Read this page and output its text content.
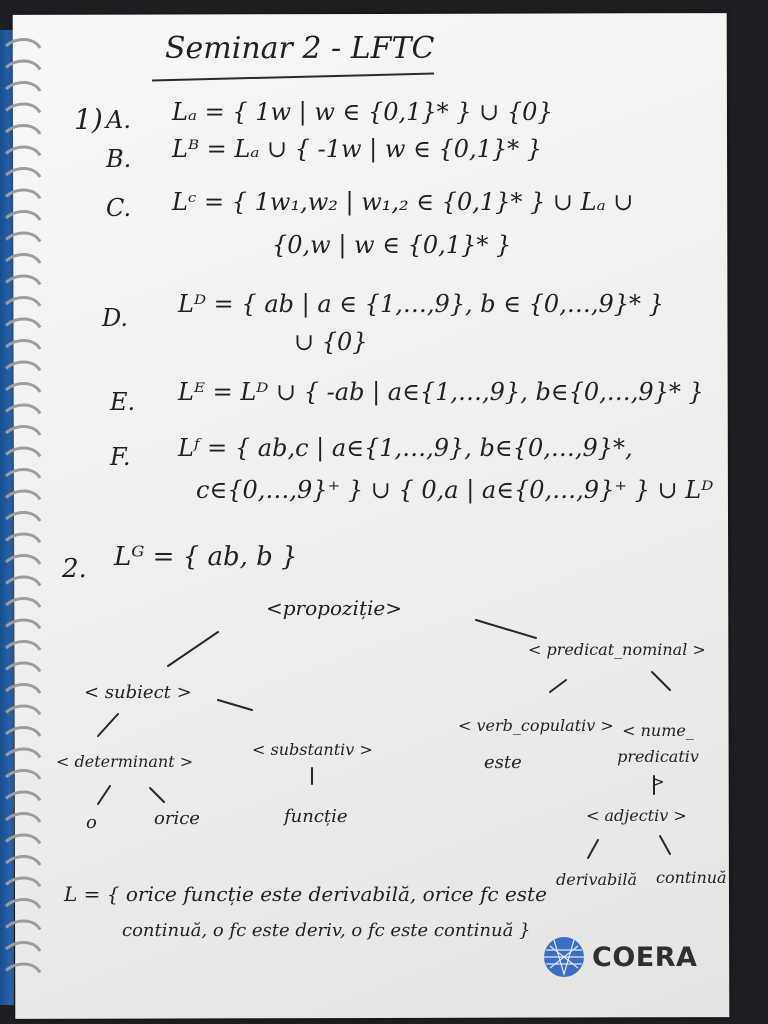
Seminar 2 - LFTC
1) A. Lₐ = { 1w | w ∈ {0,1}* } ∪ {0}
B. Lᴮ = Lₐ ∪ { -1w | w ∈ {0,1}* }
C. Lᶜ = { 1w₁,w₂ | w₁,₂ ∈ {0,1}* } ∪ Lₐ ∪
{0,w | w ∈ {0,1}* }
D. Lᴰ = { ab | a ∈ {1,…,9}, b ∈ {0,…,9}* }
∪ {0}
E. Lᴱ = Lᴰ ∪ { -ab | a∈{1,…,9}, b∈{0,…,9}* }
F. Lᶠ = { ab,c | a∈{1,…,9}, b∈{0,…,9}*,
c∈{0,…,9}⁺ } ∪ { 0,a | a∈{0,…,9}⁺ } ∪ Lᴰ
2. Lᴳ = { ab, b }
<propoziție>
< predicat_nominal >
< subiect >
< determinant >
< substantiv >
< verb_copulativ > < nume_ predicativ >
< adjectiv >
o	orice	funcție
este
derivabilă continuă
L = { orice funcție este derivabilă, orice fc este
continuă, o fc este deriv, o fc este continuă }
COERA
